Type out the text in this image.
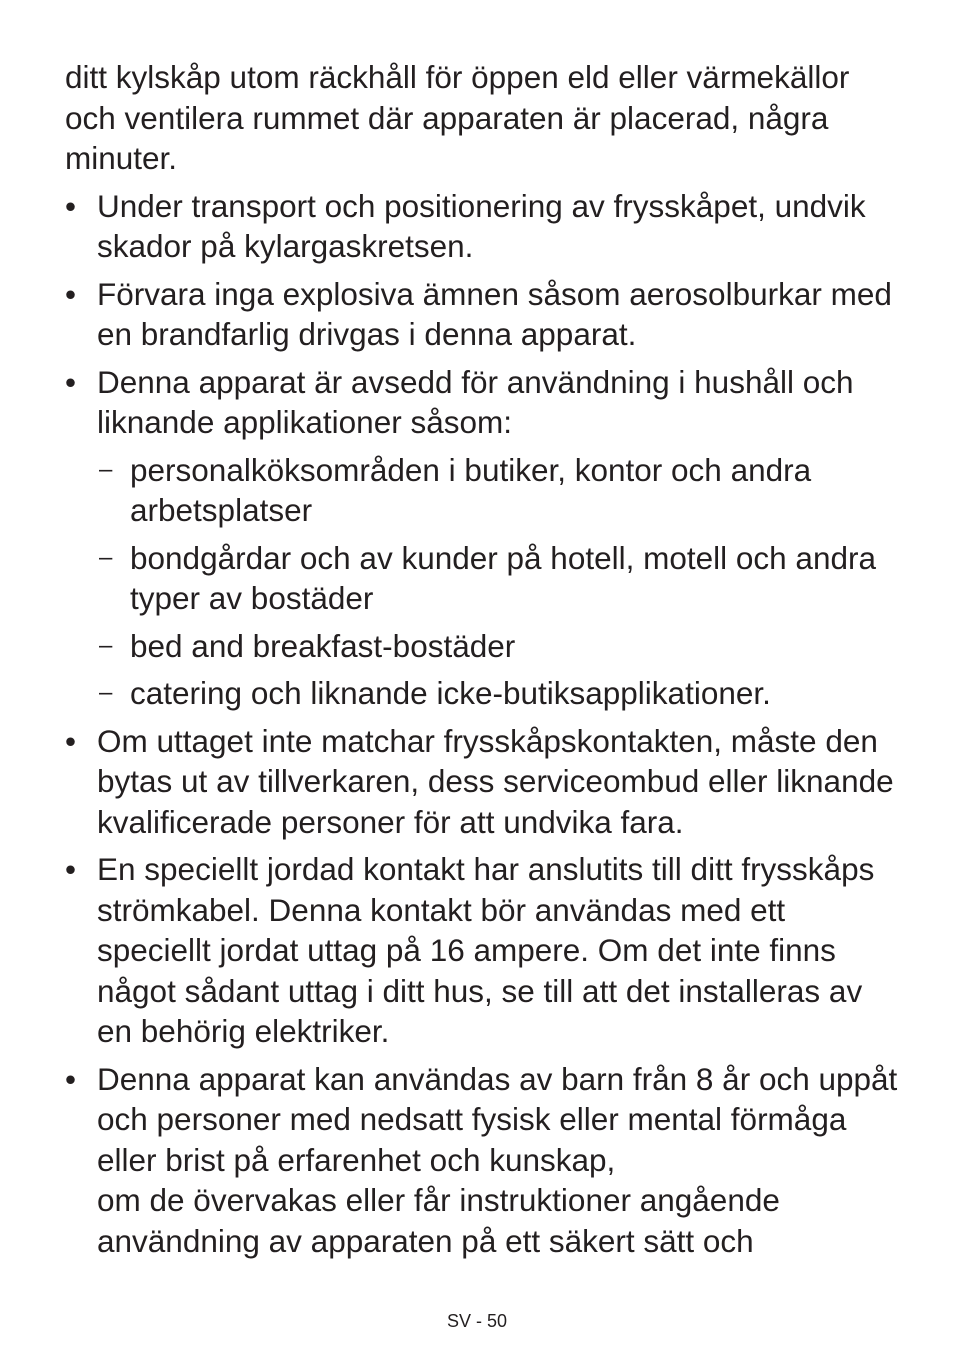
ditt kylskåp utom räckhåll för öppen eld eller värmekällor och ventilera rummet där apparaten är placerad, några minuter.
• Under transport och positionering av frysskåpet, undvik skador på kylargaskretsen.
• Förvara inga explosiva ämnen såsom aerosolburkar med en brandfarlig drivgas i denna apparat.
• Denna apparat är avsedd för användning i hushåll och liknande applikationer såsom:
– personalköksområden i butiker, kontor och andra arbetsplatser
– bondgårdar och av kunder på hotell, motell och andra typer av bostäder
– bed and breakfast-bostäder
– catering och liknande icke-butiksapplikationer.
• Om uttaget inte matchar frysskåpskontakten, måste den bytas ut av tillverkaren, dess serviceombud eller liknande kvalificerade personer för att undvika fara.
• En speciellt jordad kontakt har anslutits till ditt frysskåps strömkabel. Denna kontakt bör användas med ett speciellt jordat uttag på 16 ampere. Om det inte finns något sådant uttag i ditt hus, se till att det installeras av en behörig elektriker.
• Denna apparat kan användas av barn från 8 år och uppåt och personer med nedsatt fysisk eller mental förmåga eller brist på erfarenhet och kunskap,
om de övervakas eller får instruktioner angående användning av apparaten på ett säkert sätt och
SV - 50
